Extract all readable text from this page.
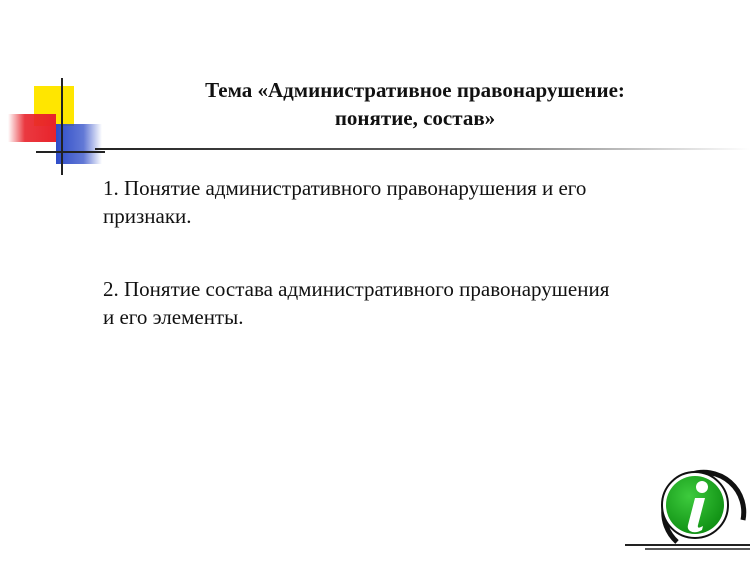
Тема «Административное правонарушение:
понятие, состав»
1. Понятие административного правонарушения и его
признаки.
2. Понятие состава административного правонарушения
и его элементы.
